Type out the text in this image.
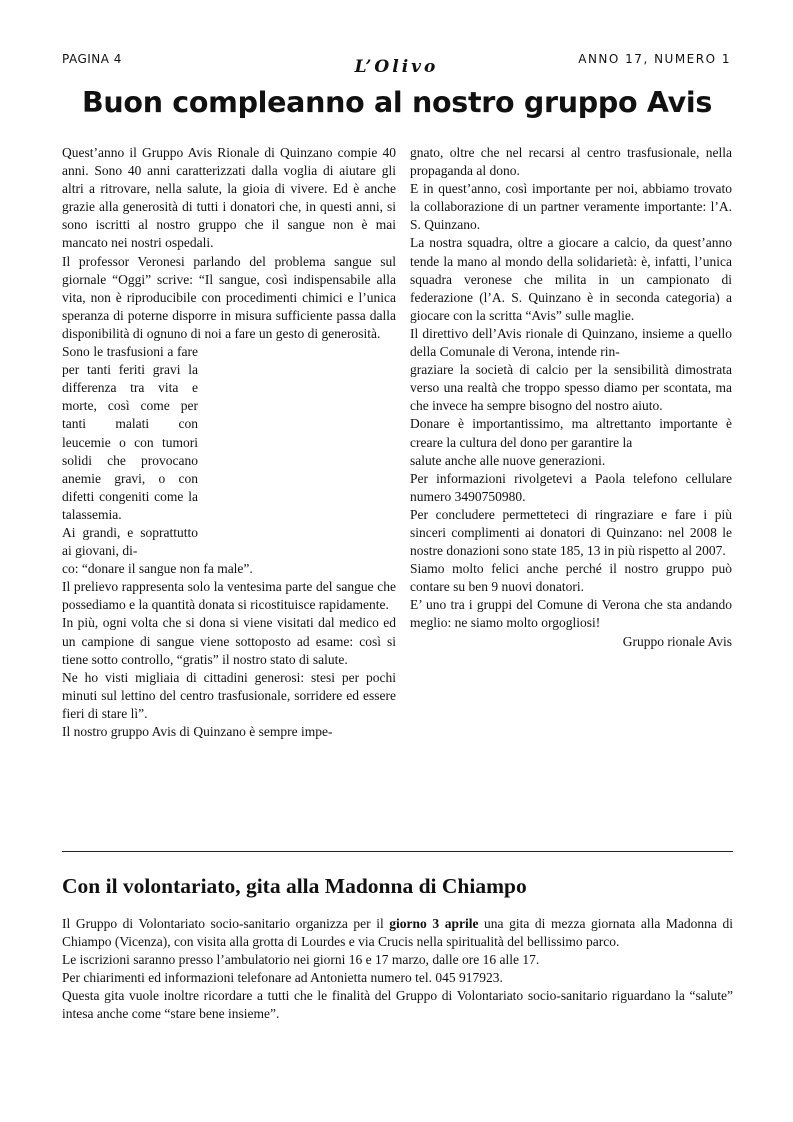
PAGINA 4	L’Olivo	ANNO 17, NUMERO 1
Buon compleanno al nostro gruppo Avis

Quest’anno il Gruppo Avis Rionale di Quinzano compie 40 anni. Sono 40 anni caratterizzati dalla voglia di aiutare gli altri a ritrovare, nella salute, la gioia di vivere. Ed è anche grazie alla generosità di tutti i donatori che, in questi anni, si sono iscritti al nostro gruppo che il sangue non è mai mancato nei nostri ospedali.

Il professor Veronesi parlando del problema sangue sul giornale “Oggi” scrive: “Il sangue, così indispensabile alla vita, non è riproducibile con procedimenti chimici e l’unica speranza di poterne disporre in misura sufficiente passa dalla disponibilità di ognuno di noi a fare un gesto di generosità.

Sono le trasfusioni a fare per tanti feriti gravi la differenza tra vita e morte, così come per tanti malati con leucemie o con tumori solidi che provocano anemie gravi, o con difetti congeniti come la talassemia.

Ai grandi, e soprattutto ai giovani, di-

co: “donare il sangue non fa male”.

Il prelievo rappresenta solo la ventesima parte del sangue che possediamo e la quantità donata si ricostituisce rapidamente.

In più, ogni volta che si dona si viene visitati dal medico ed un campione di sangue viene sottoposto ad esame: così si tiene sotto controllo, “gratis” il nostro stato di salute.

Ne ho visti migliaia di cittadini generosi: stesi per pochi minuti sul lettino del centro trasfusionale, sorridere ed essere fieri di stare lì”.

Il nostro gruppo Avis di Quinzano è sempre impe-

gnato, oltre che nel recarsi al centro trasfusionale, nella propaganda al dono.

E in quest’anno, così importante per noi, abbiamo trovato la collaborazione di un partner veramente importante: l’A. S. Quinzano.

La nostra squadra, oltre a giocare a calcio, da quest’anno tende la mano al mondo della solidarietà: è, infatti, l’unica squadra veronese che milita in un campionato di federazione (l’A. S. Quinzano è in seconda categoria) a giocare con la scritta “Avis” sulle maglie.

Il direttivo dell’Avis rionale di Quinzano, insieme a quello della Comunale di Verona, intende rin-

graziare la società di calcio per la sensibilità dimostrata verso una realtà che troppo spesso diamo per scontata, ma che invece ha sempre bisogno del nostro aiuto.

Donare è importantissimo, ma altrettanto importante è creare la cultura del dono per garantire la

salute anche alle nuove generazioni.

Per informazioni rivolgetevi a Paola telefono cellulare numero 3490750980.

Per concludere permetteteci di ringraziare e fare i più sinceri complimenti ai donatori di Quinzano: nel 2008 le nostre donazioni sono state 185, 13 in più rispetto al 2007.

Siamo molto felici anche perché il nostro gruppo può contare su ben 9 nuovi donatori.

E’ uno tra i gruppi del Comune di Verona che sta andando meglio: ne siamo molto orgogliosi!

Gruppo rionale Avis

Con il volontariato, gita alla Madonna di Chiampo

Il Gruppo di Volontariato socio-sanitario organizza per il giorno 3 aprile una gita di mezza giornata alla Madonna di Chiampo (Vicenza), con visita alla grotta di Lourdes e via Crucis nella spiritualità del bellissimo parco.

Le iscrizioni saranno presso l’ambulatorio nei giorni 16 e 17 marzo, dalle ore 16 alle 17.

Per chiarimenti ed informazioni telefonare ad Antonietta numero tel. 045 917923.

Questa gita vuole inoltre ricordare a tutti che le finalità del Gruppo di Volontariato socio-sanitario riguardano la “salute” intesa anche come “stare bene insieme”.
